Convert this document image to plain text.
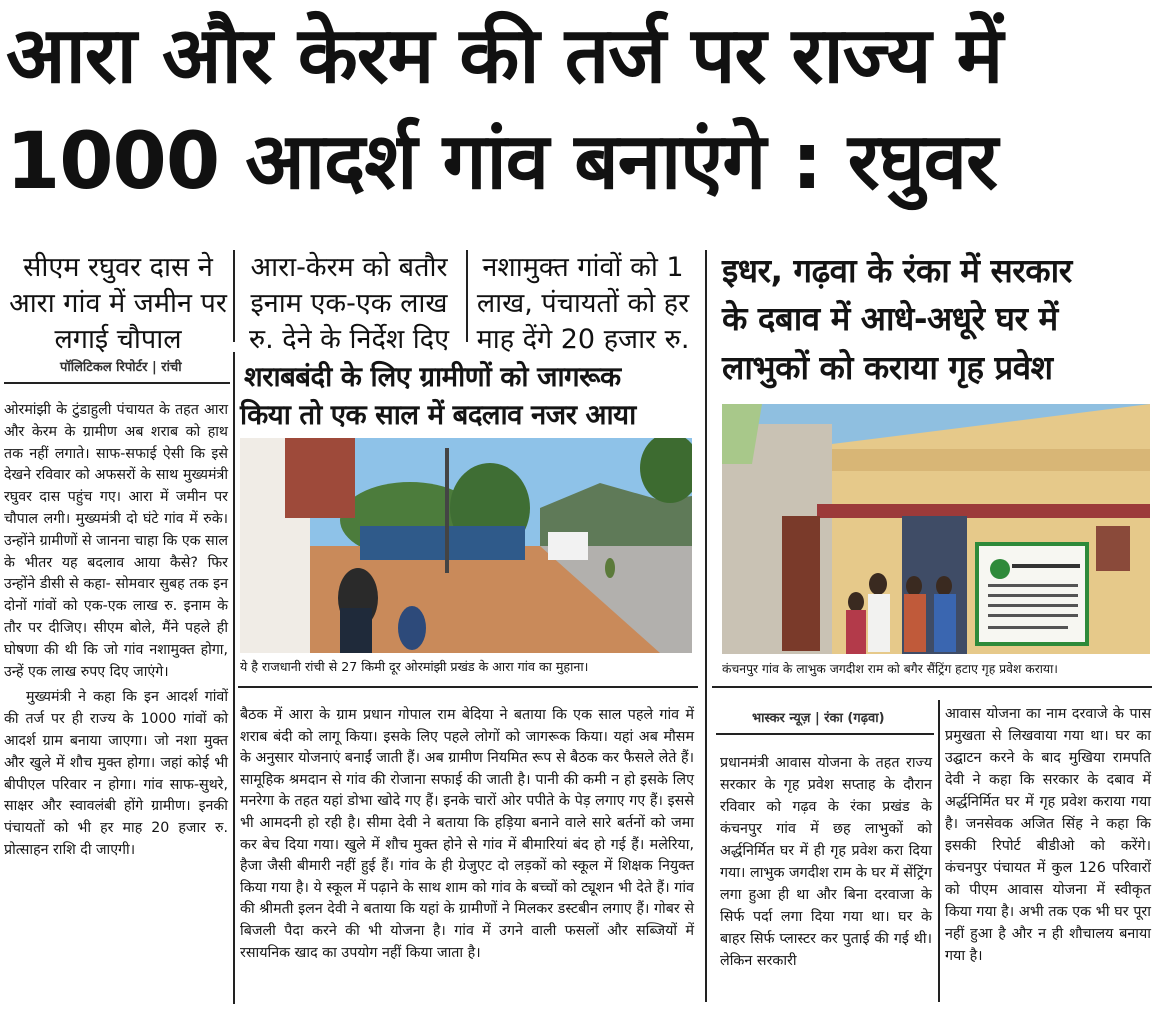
आरा और केरम की तर्ज पर राज्य में
1000 आदर्श गांव बनाएंगे : रघुवर
सीएम रघुवर दास ने आरा गांव में जमीन पर लगाई चौपाल
आरा-केरम को बतौर इनाम एक-एक लाख रु. देने के निर्देश दिए
नशामुक्त गांवों को 1 लाख, पंचायतों को हर माह देंगे 20 हजार रु.
पॉलिटिकल रिपोर्टर | रांची

ओरमांझी के टुंडाहुली पंचायत के तहत आरा और केरम के ग्रामीण अब शराब को हाथ तक नहीं लगाते। साफ-सफाई ऐसी कि इसे देखने रविवार को अफसरों के साथ मुख्यमंत्री रघुवर दास पहुंच गए। आरा में जमीन पर चौपाल लगी। मुख्यमंत्री दो घंटे गांव में रुके। उन्होंने ग्रामीणों से जानना चाहा कि एक साल के भीतर यह बदलाव आया कैसे? फिर उन्होंने डीसी से कहा- सोमवार सुबह तक इन दोनों गांवों को एक-एक लाख रु. इनाम के तौर पर दीजिए। सीएम बोले, मैंने पहले ही घोषणा की थी कि जो गांव नशामुक्त होगा, उन्हें एक लाख रुपए दिए जाएंगे।

मुख्यमंत्री ने कहा कि इन आदर्श गांवों की तर्ज पर ही राज्य के 1000 गांवों को आदर्श ग्राम बनाया जाएगा। जो नशा मुक्त और खुले में शौच मुक्त होगा। जहां कोई भी बीपीएल परिवार न होगा। गांव साफ-सुथरे, साक्षर और स्वावलंबी होंगे ग्रामीण। इनकी पंचायतों को भी हर माह 20 हजार रु. प्रोत्साहन राशि दी जाएगी।

शराबबंदी के लिए ग्रामीणों को जागरूक
किया तो एक साल में बदलाव नजर आया
ये है राजधानी रांची से 27 किमी दूर ओरमांझी प्रखंड के आरा गांव का मुहाना।
बैठक में आरा के ग्राम प्रधान गोपाल राम बेदिया ने बताया कि एक साल पहले गांव में शराब बंदी को लागू किया। इसके लिए पहले लोगों को जागरूक किया। यहां अब मौसम के अनुसार योजनाएं बनाईं जाती हैं। अब ग्रामीण नियमित रूप से बैठक कर फैसले लेते हैं। सामूहिक श्रमदान से गांव की रोजाना सफाई की जाती है। पानी की कमी न हो इसके लिए मनरेगा के तहत यहां डोभा खोदे गए हैं। इनके चारों ओर पपीते के पेड़ लगाए गए हैं। इससे भी आमदनी हो रही है। सीमा देवी ने बताया कि हड़िया बनाने वाले सारे बर्तनों को जमा कर बेच दिया गया। खुले में शौच मुक्त होने से गांव में बीमारियां बंद हो गई हैं। मलेरिया, हैजा जैसी बीमारी नहीं हुई हैं। गांव के ही ग्रेजुएट दो लड़कों को स्कूल में शिक्षक नियुक्त किया गया है। ये स्कूल में पढ़ाने के साथ शाम को गांव के बच्चों को ट्यूशन भी देते हैं। गांव की श्रीमती इलन देवी ने बताया कि यहां के ग्रामीणों ने मिलकर डस्टबीन लगाए हैं। गोबर से बिजली पैदा करने की भी योजना है। गांव में उगने वाली फसलों और सब्जियों में रसायनिक खाद का उपयोग नहीं किया जाता है।
इधर, गढ़वा के रंका में सरकार
के दबाव में आधे-अधूरे घर में
लाभुकों को कराया गृह प्रवेश
कंचनपुर गांव के लाभुक जगदीश राम को बगैर सैंट्रिंग हटाए गृह प्रवेश कराया।
भास्कर न्यूज़ | रंका (गढ़वा)
प्रधानमंत्री आवास योजना के तहत राज्य सरकार के गृह प्रवेश सप्ताह के दौरान रविवार को गढ़व के रंका प्रखंड के कंचनपुर गांव में छह लाभुकों को अर्द्धनिर्मित घर में ही गृह प्रवेश करा दिया गया। लाभुक जगदीश राम के घर में सेंट्रिंग लगा हुआ ही था और बिना दरवाजा के सिर्फ पर्दा लगा दिया गया था। घर के बाहर सिर्फ प्लास्टर कर पुताई की गई थी। लेकिन सरकारी
आवास योजना का नाम दरवाजे के पास प्रमुखता से लिखवाया गया था। घर का उद्घाटन करने के बाद मुखिया रामपति देवी ने कहा कि सरकार के दबाव में अर्द्धनिर्मित घर में गृह प्रवेश कराया गया है। जनसेवक अजित सिंह ने कहा कि इसकी रिपोर्ट बीडीओ को करेंगे। कंचनपुर पंचायत में कुल 126 परिवारों को पीएम आवास योजना में स्वीकृत किया गया है। अभी तक एक भी घर पूरा नहीं हुआ है और न ही शौचालय बनाया गया है।
